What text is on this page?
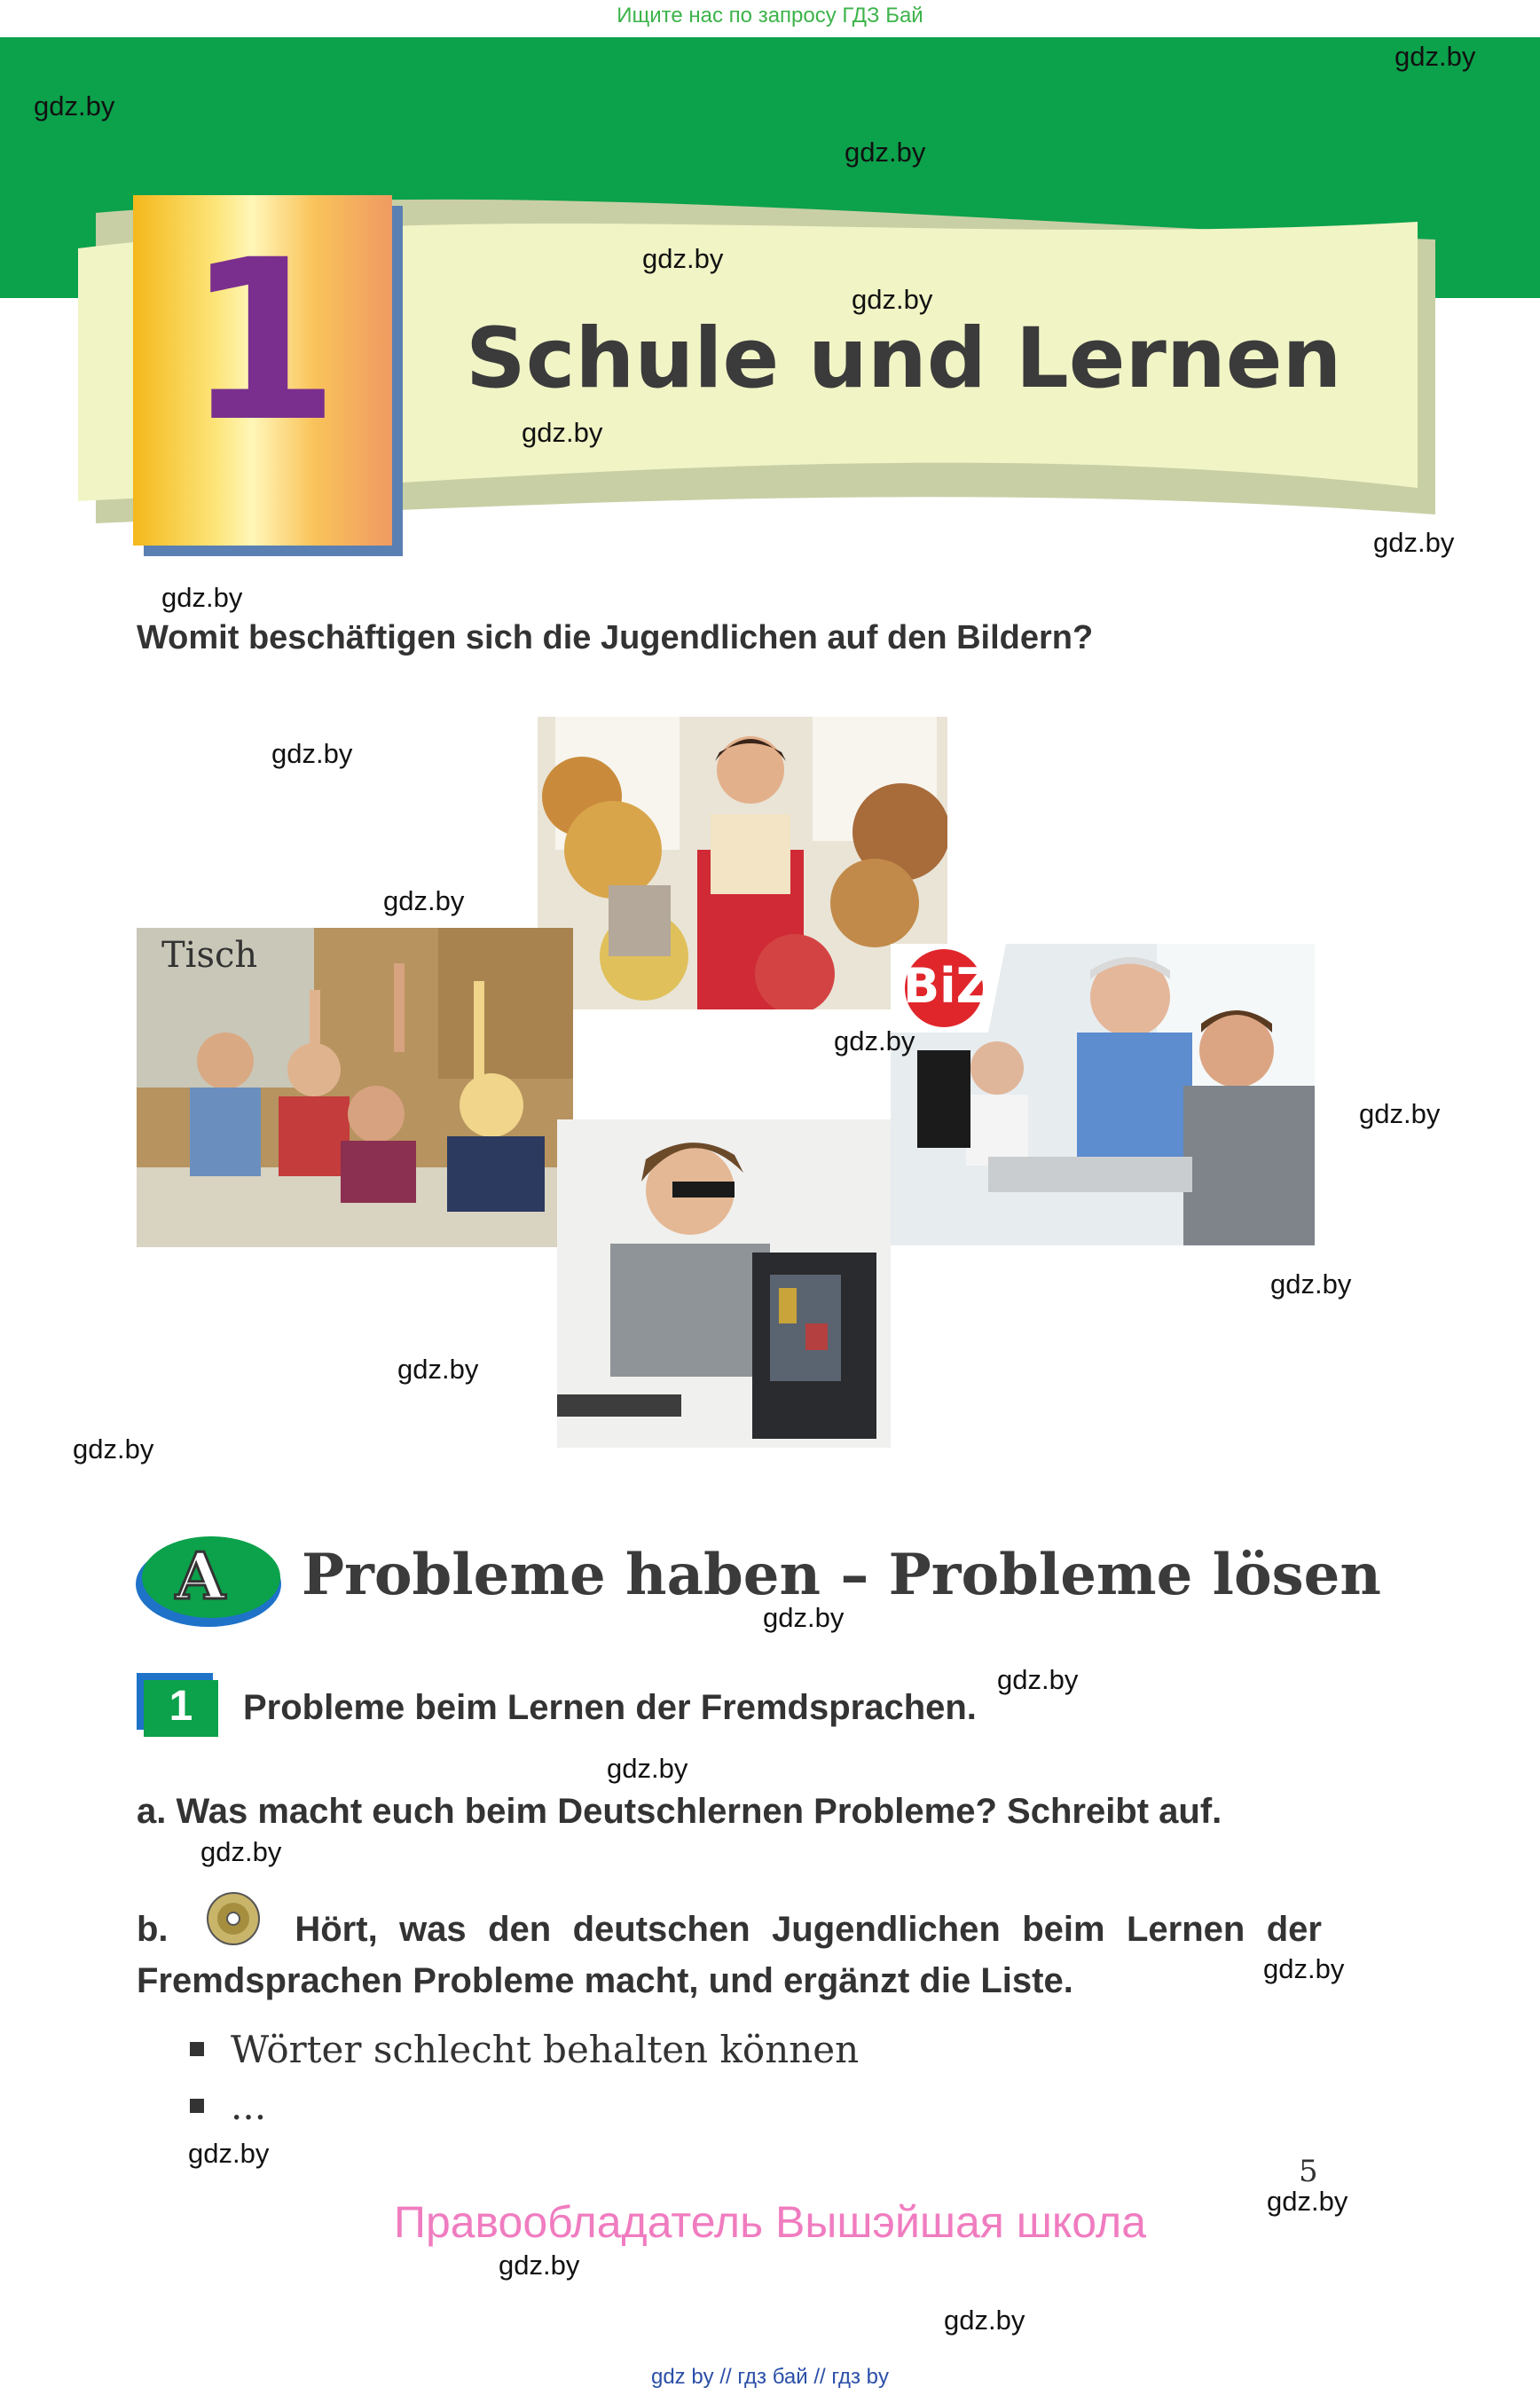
Ищите нас по запросу ГДЗ Бай
1	Schule und Lernen
Womit beschäftigen sich die Jugendlichen auf den Bildern?
Tisch
BiZ
A Probleme haben – Probleme lösen
1	Probleme beim Lernen der Fremdsprachen.
a. Was macht euch beim Deutschlernen Probleme? Schreibt auf.
b.	Hört, was den deutschen Jugendlichen beim Lernen der Fremdsprachen Probleme macht, und ergänzt die Liste.
Wörter schlecht behalten können
...
5
Правообладатель Вышэйшая школа
gdz by // гдз бай // гдз by
gdz.by
gdz.by
gdz.by
gdz.by
gdz.by
gdz.by
gdz.by
gdz.by
gdz.by
gdz.by
gdz.by
gdz.by
gdz.by
gdz.by
gdz.by
gdz.by
gdz.by
gdz.by
gdz.by
gdz.by
gdz.by
gdz.by
gdz.by
gdz.by
